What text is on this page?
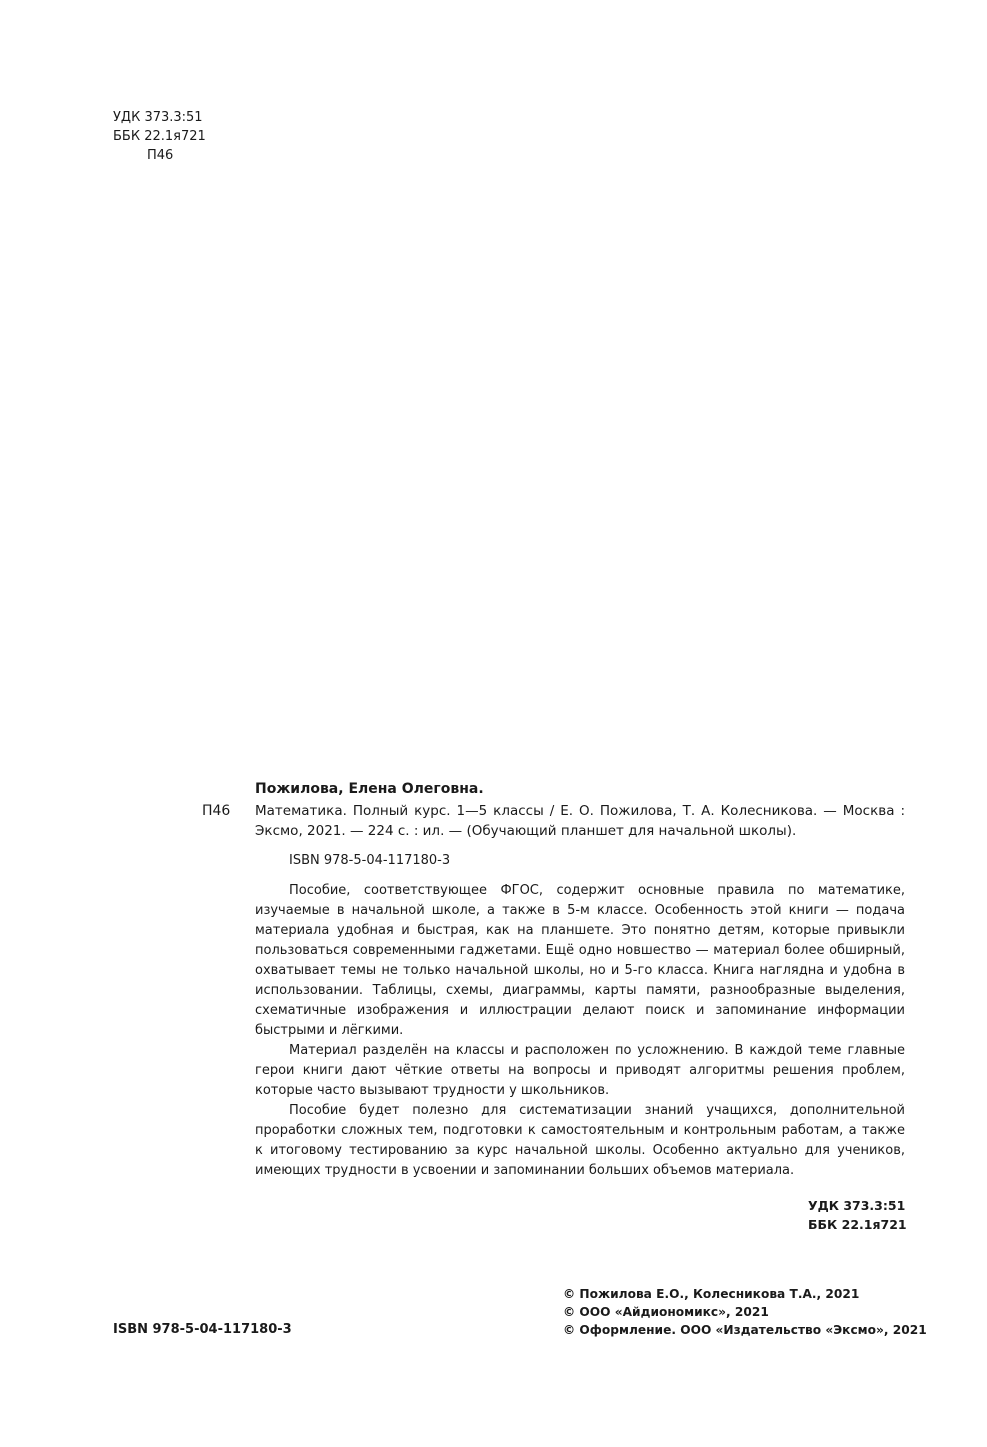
УДК 373.3:51
ББК 22.1я721
П46
П46
Пожилова, Елена Олеговна.

Математика. Полный курс. 1—5 классы / Е. О. Пожилова, Т. А. Колесникова. — Москва : Эксмо, 2021. — 224 с. : ил. — (Обучающий планшет для начальной школы).

ISBN 978-5-04-117180-3

Пособие, соответствующее ФГОС, содержит основные правила по математике, изучаемые в начальной школе, а также в 5-м классе. Особенность этой книги — подача материала удобная и быстрая, как на планшете. Это понятно детям, которые привыкли пользоваться современными гаджетами. Ещё одно новшество — материал более обширный, охватывает темы не только начальной школы, но и 5-го класса. Книга наглядна и удобна в использовании. Таблицы, схемы, диаграммы, карты памяти, разнообразные выделения, схематичные изображения и иллюстрации делают поиск и запоминание информации быстрыми и лёгкими.

Материал разделён на классы и расположен по усложнению. В каждой теме главные герои книги дают чёткие ответы на вопросы и приводят алгоритмы решения проблем, которые часто вызывают трудности у школьников.

Пособие будет полезно для систематизации знаний учащихся, дополнительной проработки сложных тем, подготовки к самостоятельным и контрольным работам, а также к итоговому тестированию за курс начальной школы. Особенно актуально для учеников, имеющих трудности в усвоении и запоминании больших объемов материала.

УДК 373.3:51
ББК 22.1я721
ISBN 978-5-04-117180-3
© Пожилова Е.О., Колесникова Т.А., 2021
© ООО «Айдиономикс», 2021
© Оформление. ООО «Издательство «Эксмо», 2021
